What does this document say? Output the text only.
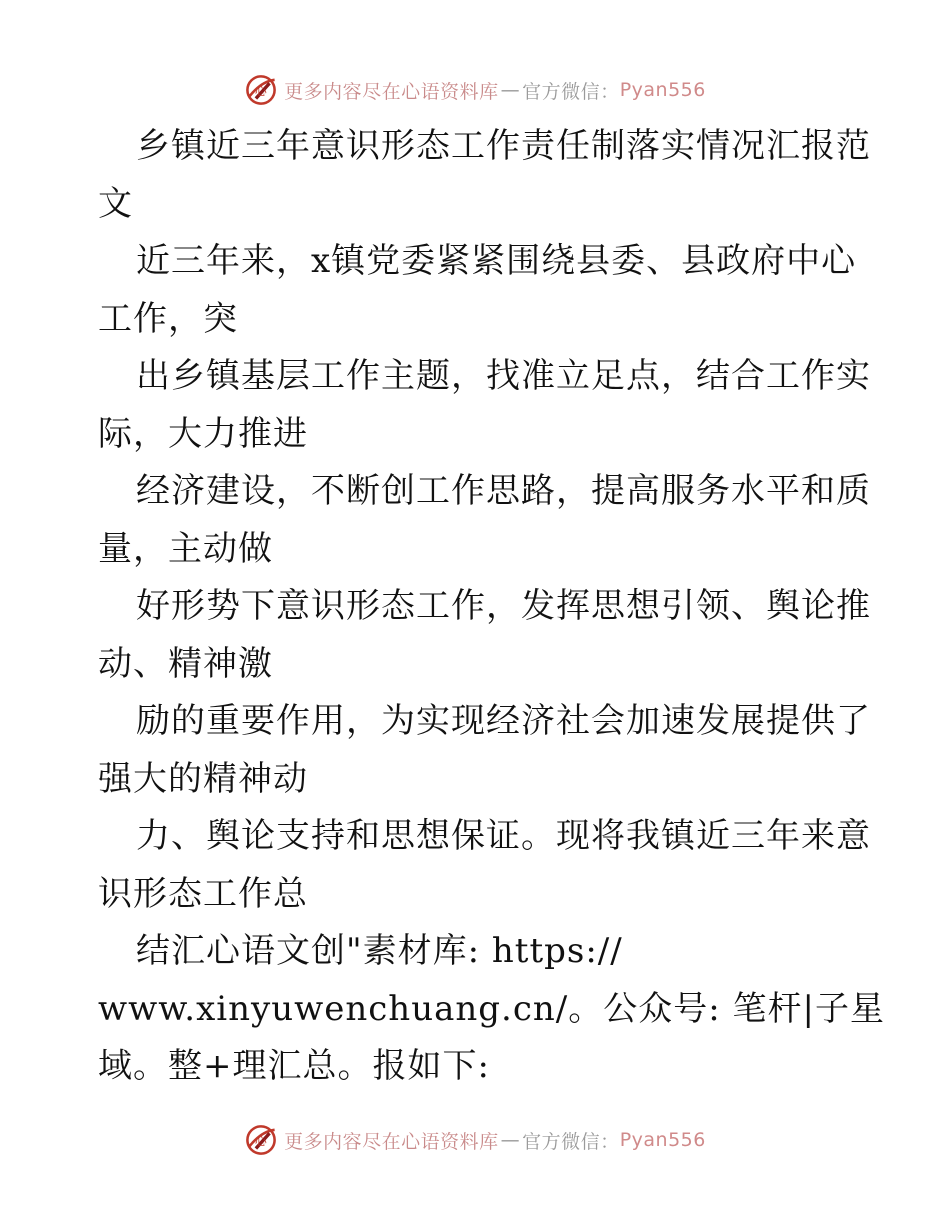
心 更多内容尽在心语资料库 — 官方微信： Pyan556
乡镇近三年意识形态工作责任制落实情况汇报范
文
近三年来，x镇党委紧紧围绕县委、县政府中心
工作，突
出乡镇基层工作主题，找准立足点，结合工作实
际，大力推进
经济建设，不断创工作思路，提高服务水平和质
量，主动做
好形势下意识形态工作，发挥思想引领、舆论推
动、精神激
励的重要作用，为实现经济社会加速发展提供了
强大的精神动
力、舆论支持和思想保证。现将我镇近三年来意
识形态工作总
结汇心语文创"素材库: https://
www.xinyuwenchuang.cn/。公众号: 笔杆|子星
域。整+理汇总。报如下:
心 更多内容尽在心语资料库 — 官方微信： Pyan556
